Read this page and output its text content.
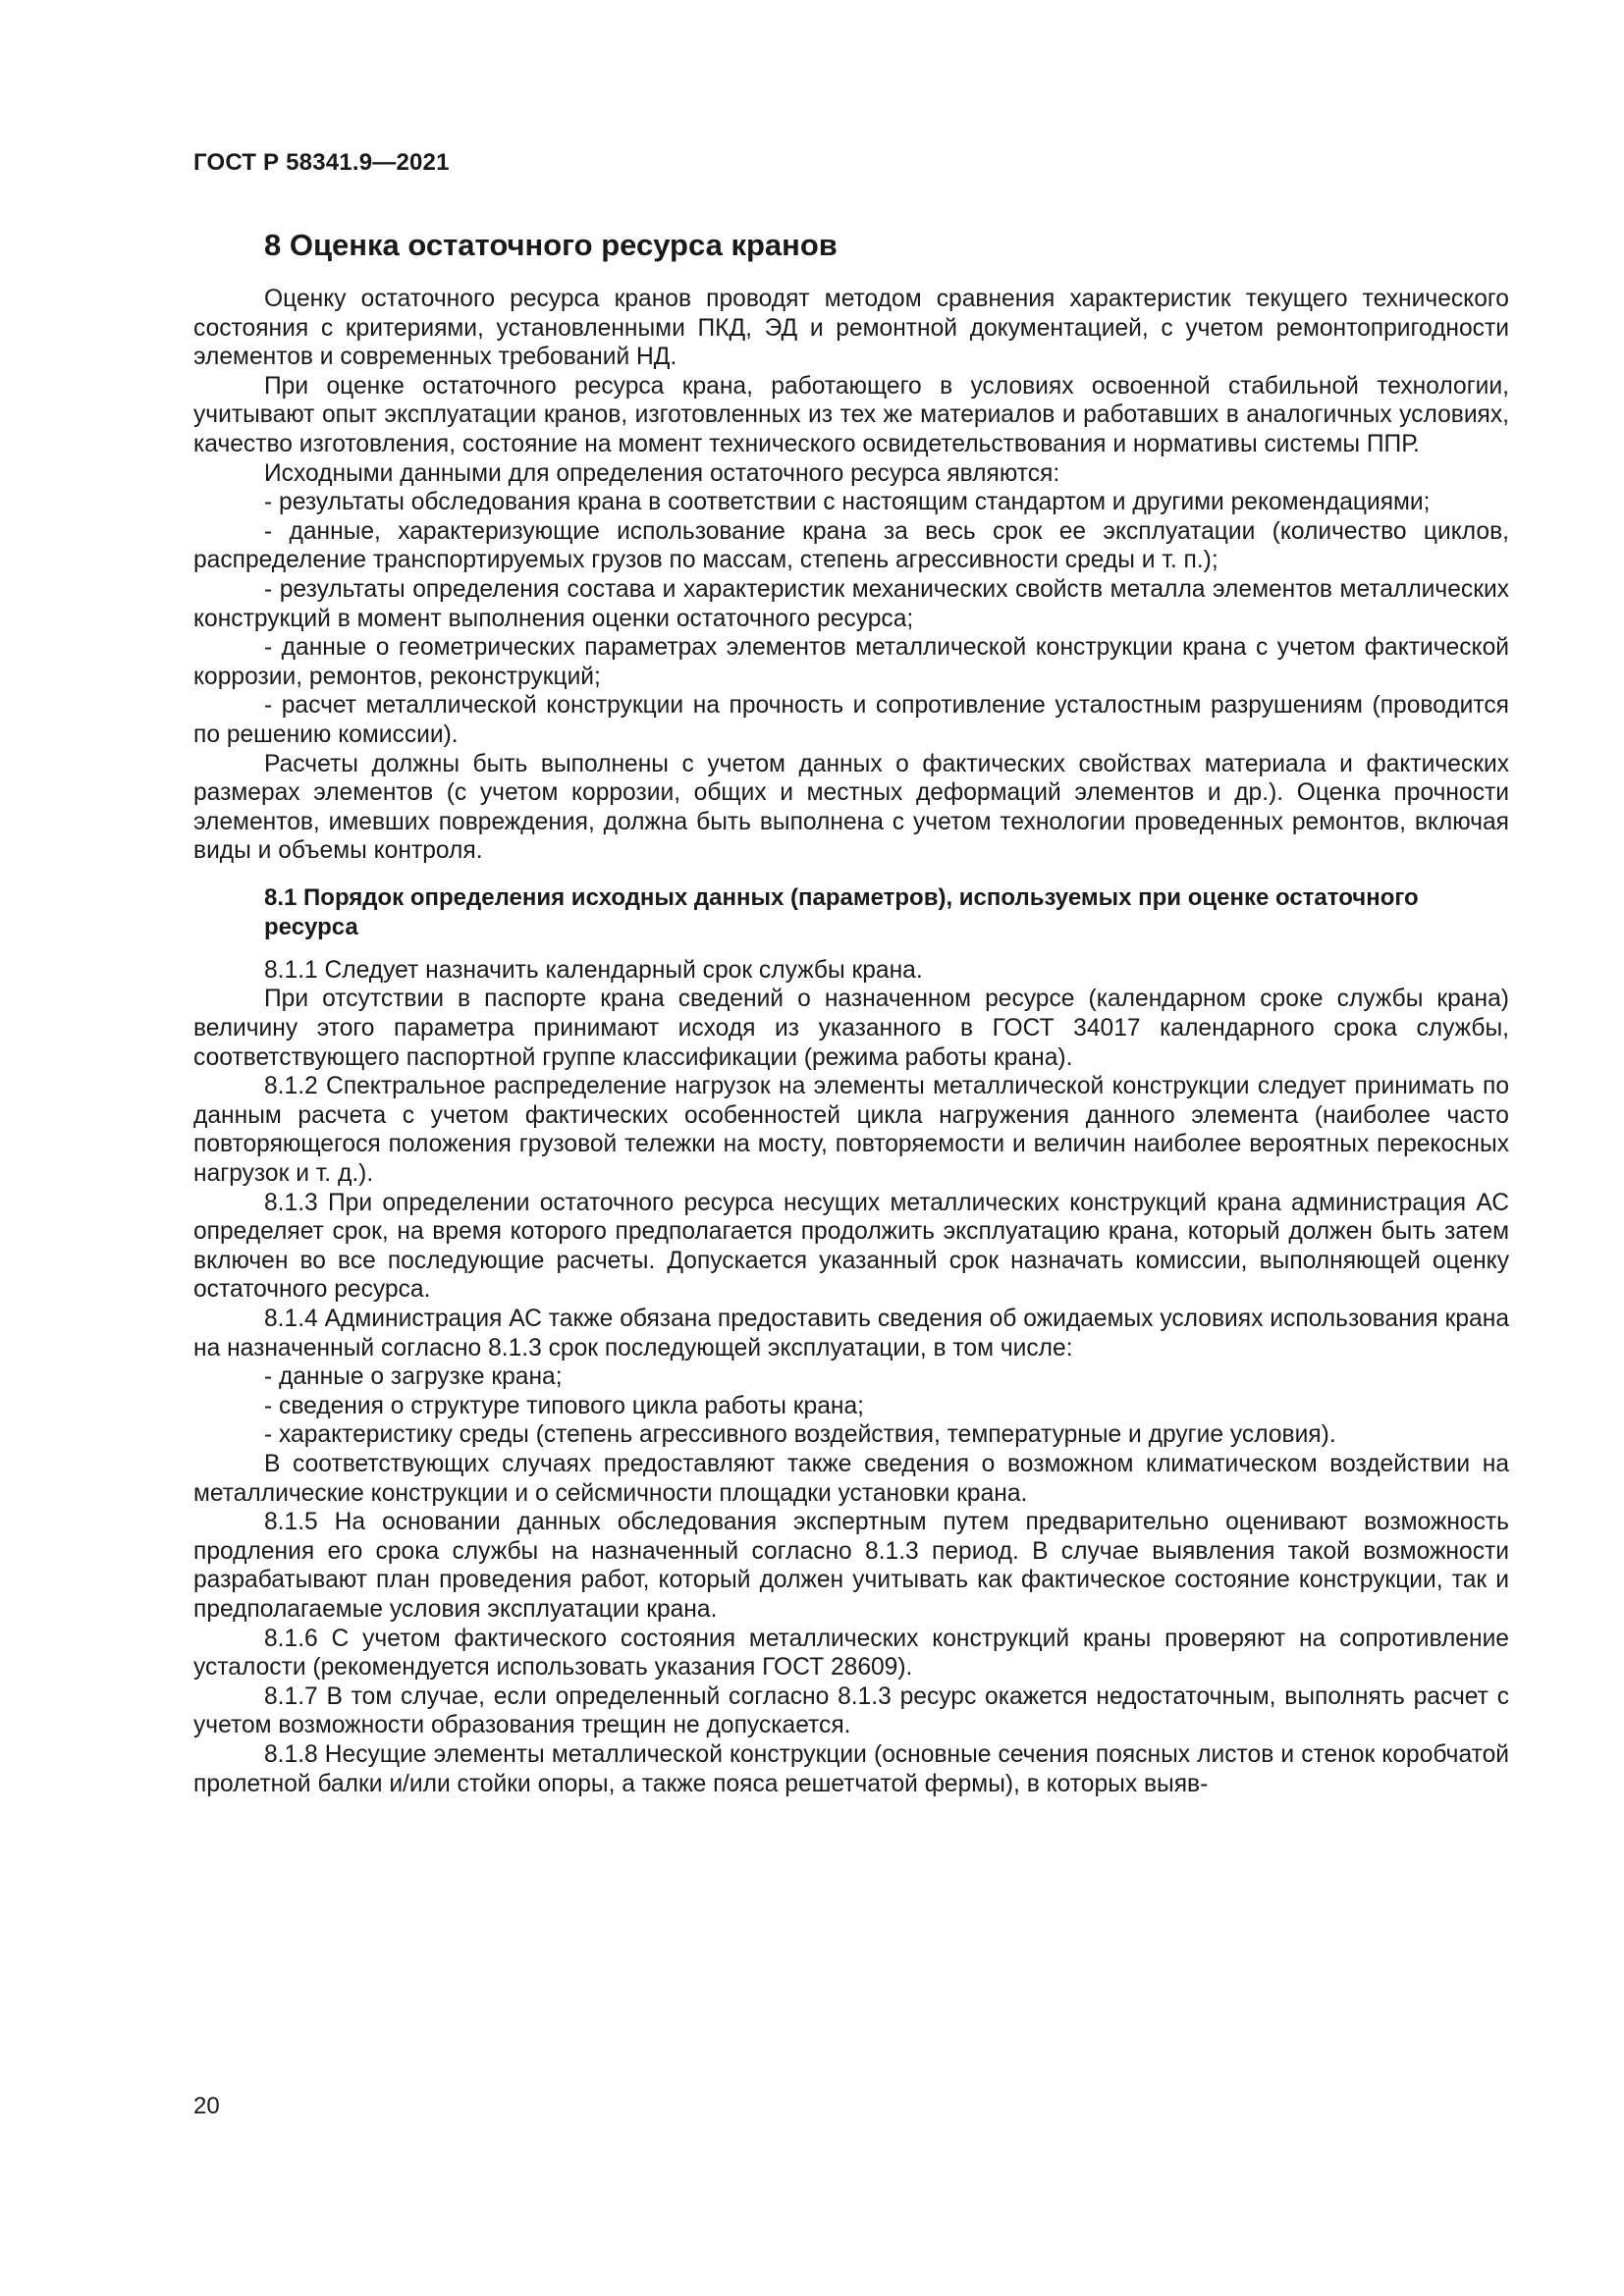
ГОСТ Р 58341.9—2021
8 Оценка остаточного ресурса кранов

Оценку остаточного ресурса кранов проводят методом сравнения характеристик текущего технического состояния с критериями, установленными ПКД, ЭД и ремонтной документацией, с учетом ремонтопригодности элементов и современных требований НД.

При оценке остаточного ресурса крана, работающего в условиях освоенной стабильной технологии, учитывают опыт эксплуатации кранов, изготовленных из тех же материалов и работавших в аналогичных условиях, качество изготовления, состояние на момент технического освидетельствования и нормативы системы ППР.

Исходными данными для определения остаточного ресурса являются:

- результаты обследования крана в соответствии с настоящим стандартом и другими рекомендациями;

- данные, характеризующие использование крана за весь срок ее эксплуатации (количество циклов, распределение транспортируемых грузов по массам, степень агрессивности среды и т. п.);

- результаты определения состава и характеристик механических свойств металла элементов металлических конструкций в момент выполнения оценки остаточного ресурса;

- данные о геометрических параметрах элементов металлической конструкции крана с учетом фактической коррозии, ремонтов, реконструкций;

- расчет металлической конструкции на прочность и сопротивление усталостным разрушениям (проводится по решению комиссии).

Расчеты должны быть выполнены с учетом данных о фактических свойствах материала и фактических размерах элементов (с учетом коррозии, общих и местных деформаций элементов и др.). Оценка прочности элементов, имевших повреждения, должна быть выполнена с учетом технологии проведенных ремонтов, включая виды и объемы контроля.

8.1 Порядок определения исходных данных (параметров), используемых при оценке остаточного ресурса

8.1.1 Следует назначить календарный срок службы крана.

При отсутствии в паспорте крана сведений о назначенном ресурсе (календарном сроке службы крана) величину этого параметра принимают исходя из указанного в ГОСТ 34017 календарного срока службы, соответствующего паспортной группе классификации (режима работы крана).

8.1.2 Спектральное распределение нагрузок на элементы металлической конструкции следует принимать по данным расчета с учетом фактических особенностей цикла нагружения данного элемента (наиболее часто повторяющегося положения грузовой тележки на мосту, повторяемости и величин наиболее вероятных перекосных нагрузок и т. д.).

8.1.3 При определении остаточного ресурса несущих металлических конструкций крана администрация АС определяет срок, на время которого предполагается продолжить эксплуатацию крана, который должен быть затем включен во все последующие расчеты. Допускается указанный срок назначать комиссии, выполняющей оценку остаточного ресурса.

8.1.4 Администрация АС также обязана предоставить сведения об ожидаемых условиях использования крана на назначенный согласно 8.1.3 срок последующей эксплуатации, в том числе:

- данные о загрузке крана;

- сведения о структуре типового цикла работы крана;

- характеристику среды (степень агрессивного воздействия, температурные и другие условия).

В соответствующих случаях предоставляют также сведения о возможном климатическом воздействии на металлические конструкции и о сейсмичности площадки установки крана.

8.1.5 На основании данных обследования экспертным путем предварительно оценивают возможность продления его срока службы на назначенный согласно 8.1.3 период. В случае выявления такой возможности разрабатывают план проведения работ, который должен учитывать как фактическое состояние конструкции, так и предполагаемые условия эксплуатации крана.

8.1.6 С учетом фактического состояния металлических конструкций краны проверяют на сопротивление усталости (рекомендуется использовать указания ГОСТ 28609).

8.1.7 В том случае, если определенный согласно 8.1.3 ресурс окажется недостаточным, выполнять расчет с учетом возможности образования трещин не допускается.

8.1.8 Несущие элементы металлической конструкции (основные сечения поясных листов и стенок коробчатой пролетной балки и/или стойки опоры, а также пояса решетчатой фермы), в которых выяв-

20
